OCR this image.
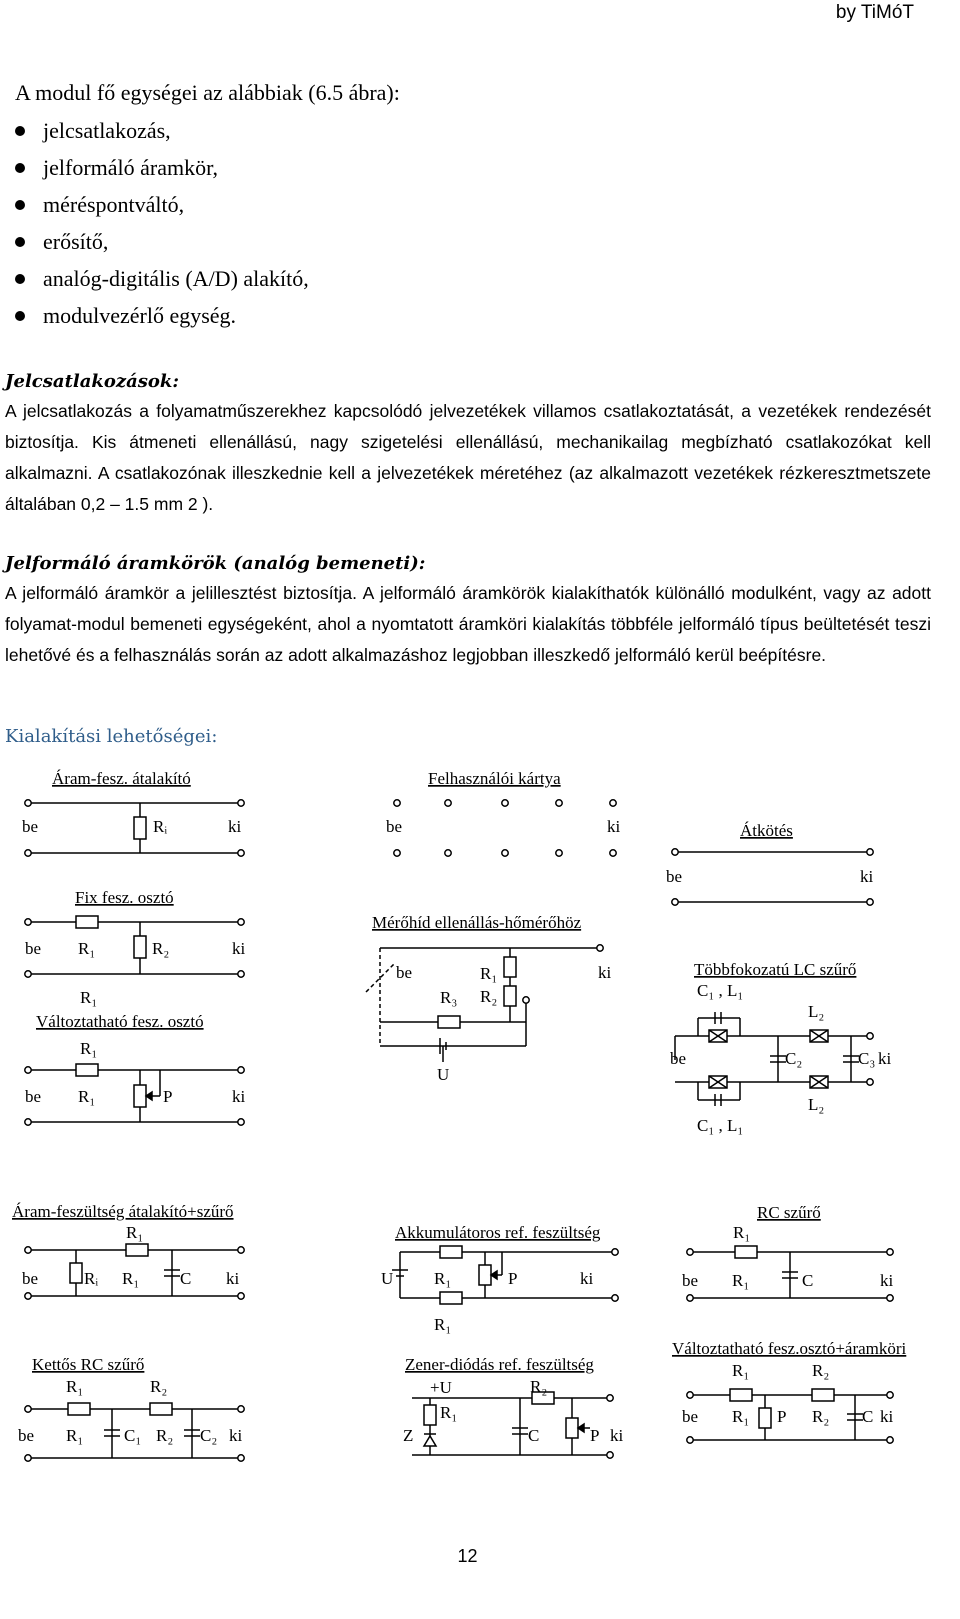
by TiMóT
A modul fő egységei az alábbiak (6.5 ábra):
jelcsatlakozás,
jelformáló áramkör,
méréspontváltó,
erősítő,
analóg-digitális (A/D) alakító,
modulvezérlő egység.
Jelcsatlakozások:

A jelcsatlakozás a folyamatműszerekhez kapcsolódó jelvezetékek villamos csatlakoztatását, a vezetékek rendezését biztosítja. Kis átmeneti ellenállású, nagy szigetelési ellenállású, mechanikailag megbízható csatlakozókat kell alkalmazni. A csatlakozónak illeszkednie kell a jelvezetékek méretéhez (az alkalmazott vezetékek rézkeresztmetszete általában 0,2 – 1.5 mm 2 ).

Jelformáló áramkörök (analóg bemeneti):

A jelformáló áramkör a jelillesztést biztosítja. A jelformáló áramkörök kialakíthatók különálló modulként, vagy az adott folyamat-modul bemeneti egységeként, ahol a nyomtatott áramköri kialakítás többféle jelformáló típus beültetését teszi lehetővé és a felhasználás során az adott alkalmazáshoz legjobban illeszkedő jelformáló kerül beépítésre.

Kialakítási lehetőségei:
Áram-fesz. átalakító	Felhasználói kártya
Átkötés
Fix fesz. osztó
Mérőhíd ellenállás-hőmérőhöz
Többfokozatú LC szűrő
Változtatható fesz. osztó
Áram-feszültség átalakító+szűrő
Akkumulátoros ref. feszültség
RC szűrő
Kettős RC szűrő	Zener-diódás ref. feszültség
Változtatható fesz.osztó+áramköri
be	ki
Rᵢ	be	ki
be	ki
be R₁	R₂	ki
R₁
R₁
be R₁	P	ki
be	R₁
R₂
R₃
ki
U
C₁ , L₁
L₂
be	C₂	C₃ ki
L₂
C₁ , L₁
R₁
be	Rᵢ R₁ C ki	U R₁	P	ki
R₁
R₁
be R₁	C	ki
R₁	R₂
be R₁ C₁ R₂ C₂ ki
+U	R₂
R₁
Z	C	P ki
R₁	R₂
be R₁ P R₂ C ki
12
